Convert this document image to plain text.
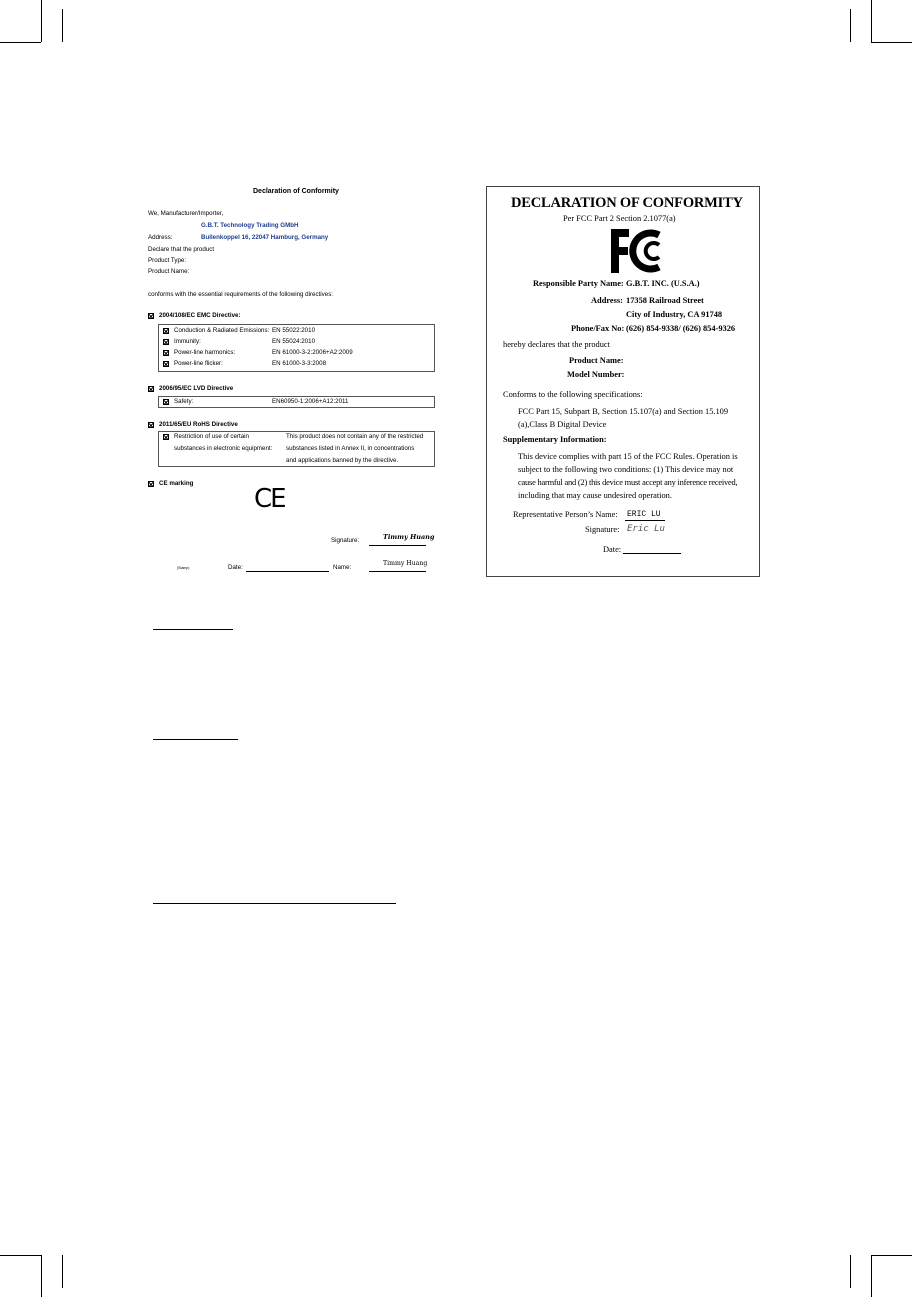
Declaration of Conformity
We, Manufacturer/Importer,
G.B.T. Technology Trading GMbH
Address:	Bullenkoppel 16, 22047 Hamburg, Germany
Declare that the product
Product Type:
Product Name:
conforms with the essential requirements of the following directives:
2004/108/EC EMC Directive:
Conduction & Radiated Emissions: EN 55022:2010
Immunity:	EN 55024:2010
Power-line harmonics:	EN 61000-3-2:2006+A2:2009
Power-line flicker:	EN 61000-3-3:2008
2006/95/EC LVD Directive
Safety:	EN60950-1:2006+A12:2011
2011/65/EU RoHS Directive
Restriction of use of certain
substances in electronic equipment:
This product does not contain any of the restricted
substances listed in Annex II, in concentrations
and applications banned by the directive.
CE marking
CE
Signature:	Timmy Huang
(Stamp)	Date:	Name:
Timmy Huang
DECLARATION OF CONFORMITY
Per FCC Part 2 Section 2.1077(a)
Responsible Party Name: G.B.T. INC. (U.S.A.)
Address: 17358 Railroad Street
City of Industry, CA 91748
Phone/Fax No: (626) 854-9338/ (626) 854-9326
hereby declares that the product
Product Name:
Model Number:
Conforms to the following specifications:
FCC Part 15, Subpart B, Section 15.107(a) and Section 15.109
(a),Class B Digital Device
Supplementary Information:
This device complies with part 15 of the FCC Rules. Operation is
subject to the following two conditions: (1) This device may not
cause harmful and (2) this device must accept any inference received,
including that may cause undesired operation.
Representative Person’s Name: ERIC LU
Signature: Eric Lu
Date:
